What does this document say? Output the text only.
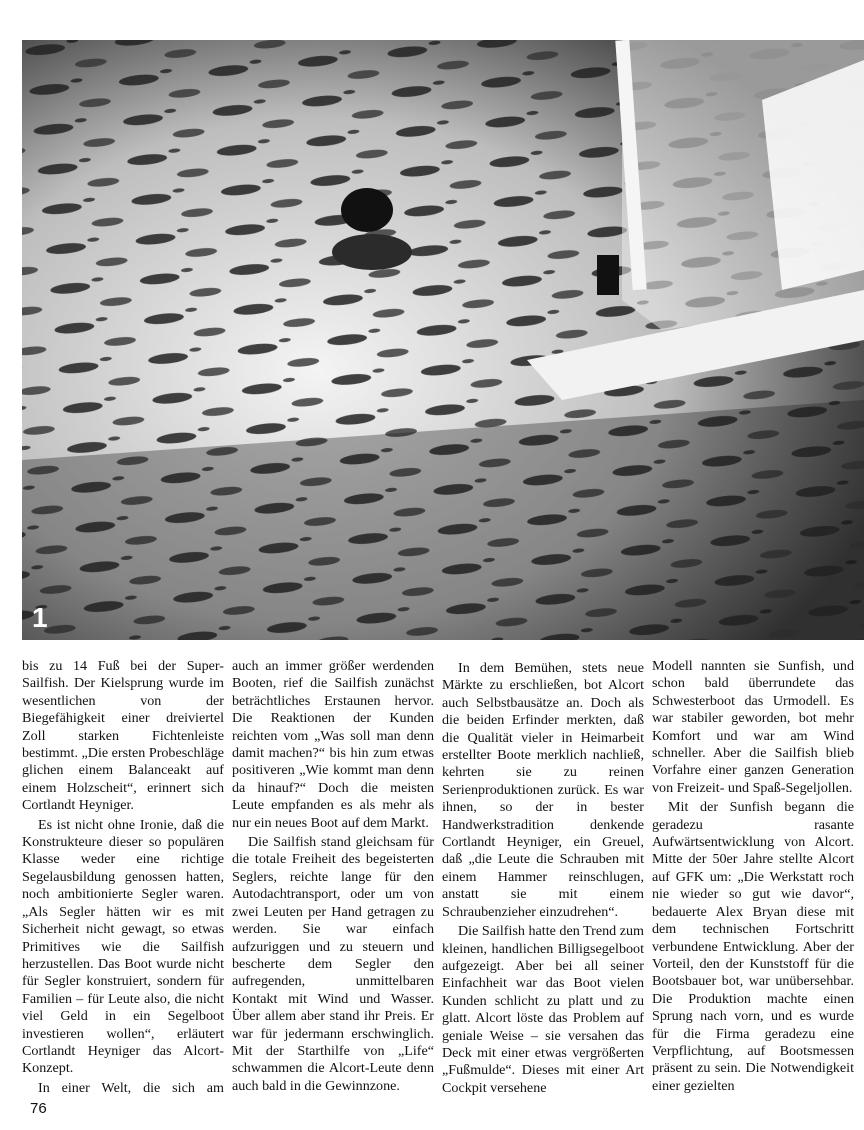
1

bis zu 14 Fuß bei der Super-Sailfish. Der Kielsprung wurde im wesentlichen von der Biegefähigkeit einer dreiviertel Zoll starken Fichtenleiste bestimmt. „Die ersten Probeschläge glichen einem Balanceakt auf einem Holzscheit“, erinnert sich Cortlandt Heyniger.

Es ist nicht ohne Ironie, daß die Konstrukteure dieser so populären Klasse weder eine richtige Segelausbildung genossen hatten, noch ambitionierte Segler waren. „Als Segler hätten wir es mit Sicherheit nicht gewagt, so etwas Primitives wie die Sailfish herzustellen. Das Boot wurde nicht für Segler konstruiert, sondern für Familien – für Leute also, die nicht viel Geld in ein Segelboot investieren wollen“, erläutert Cortlandt Heyniger das Alcort-Konzept.

In einer Welt, die sich am

auch an immer größer werdenden Booten, rief die Sailfish zunächst beträchtliches Erstaunen hervor. Die Reaktionen der Kunden reichten vom „Was soll man denn damit machen?“ bis hin zum etwas positiveren „Wie kommt man denn da hinauf?“ Doch die meisten Leute empfanden es als mehr als nur ein neues Boot auf dem Markt.

Die Sailfish stand gleichsam für die totale Freiheit des begeisterten Seglers, reichte lange für den Autodachtransport, oder um von zwei Leuten per Hand getragen zu werden. Sie war einfach aufzuriggen und zu steuern und bescherte dem Segler den aufregenden, unmittelbaren Kontakt mit Wind und Wasser. Über allem aber stand ihr Preis. Er war für jedermann erschwinglich. Mit der Starthilfe von „Life“ schwammen die Alcort-Leute denn auch bald in die Gewinnzone.

In dem Bemühen, stets neue Märkte zu erschließen, bot Alcort auch Selbstbausätze an. Doch als die beiden Erfinder merkten, daß die Qualität vieler in Heimarbeit erstellter Boote merklich nachließ, kehrten sie zu reinen Serienproduktionen zurück. Es war ihnen, so der in bester Handwerkstradition denkende Cortlandt Heyniger, ein Greuel, daß „die Leute die Schrauben mit einem Hammer reinschlugen, anstatt sie mit einem Schraubenzieher einzudrehen“.

Die Sailfish hatte den Trend zum kleinen, handlichen Billigsegelboot aufgezeigt. Aber bei all seiner Einfachheit war das Boot vielen Kunden schlicht zu platt und zu glatt. Alcort löste das Problem auf geniale Weise – sie versahen das Deck mit einer etwas vergrößerten „Fußmulde“. Dieses mit einer Art Cockpit versehene

Modell nannten sie Sunfish, und schon bald überrundete das Schwesterboot das Urmodell. Es war stabiler geworden, bot mehr Komfort und war am Wind schneller. Aber die Sailfish blieb Vorfahre einer ganzen Generation von Freizeit- und Spaß-Segeljollen.

Mit der Sunfish begann die geradezu rasante Aufwärtsentwicklung von Alcort. Mitte der 50er Jahre stellte Alcort auf GFK um: „Die Werkstatt roch nie wieder so gut wie davor“, bedauerte Alex Bryan diese mit dem technischen Fortschritt verbundene Entwicklung. Aber der Vorteil, den der Kunststoff für die Bootsbauer bot, war unübersehbar. Die Produktion machte einen Sprung nach vorn, und es wurde für die Firma geradezu eine Verpflichtung, auf Bootsmessen präsent zu sein. Die Notwendigkeit einer gezielten

76
